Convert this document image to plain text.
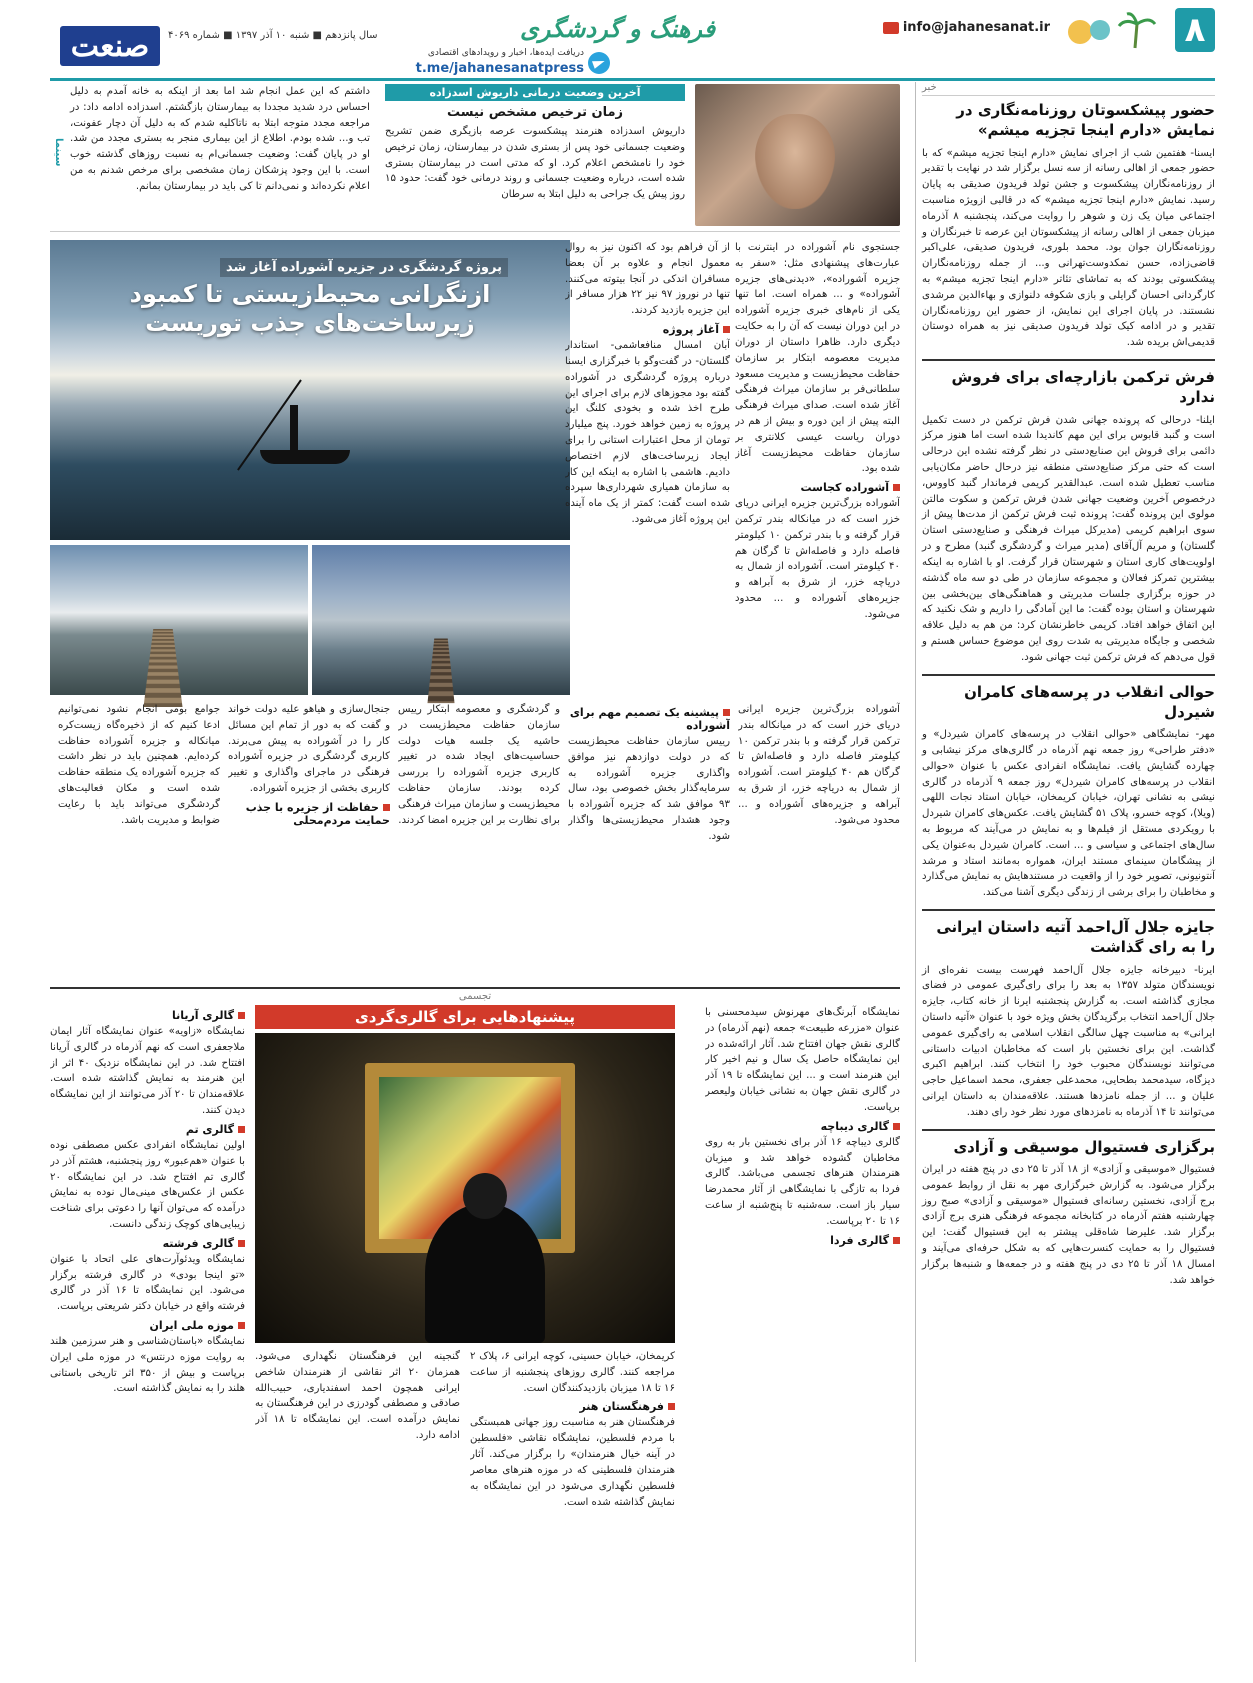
۸
info@jahanesanat.ir
فرهنگ و گردشگری
دریافت ایده‌ها، اخبار و رویدادهای اقتصادی
t.me/jahanesanatpress
سال پانزدهم ■ شنبه ۱۰ آذر ۱۳۹۷ ■ شماره ۴۰۶۹
صنعت
خبر
حضور پیشکسوتان روزنامه‌نگاری در نمایش «دارم اینجا تجزیه میشم»
ایسنا- هفتمین شب از اجرای نمایش «دارم اینجا تجزیه میشم» که با حضور جمعی از اهالی رسانه از سه نسل برگزار شد در نهایت با تقدیر از روزنامه‌نگاران پیشکسوت و جشن تولد فریدون صدیقی به پایان رسید. نمایش «دارم اینجا تجزیه میشم» که در قالبی ازویژه مناسبت اجتماعی میان یک زن و شوهر را روایت می‌کند، پنجشنبه ۸ آذرماه میزبان جمعی از اهالی رسانه از پیشکسوتان این عرصه تا خبرنگاران و روزنامه‌نگاران جوان بود. محمد بلوری، فریدون صدیقی، علی‌اکبر قاضی‌زاده، حسن نمکدوست‌تهرانی و... از جمله روزنامه‌نگاران پیشکسوتی بودند که به تماشای تئاتر «دارم اینجا تجزیه میشم» به کارگردانی احسان گرایلی و بازی شکوفه دلنوازی و بهاءالدین مرشدی نشستند. در پایان اجرای این نمایش، از حضور این روزنامه‌نگاران تقدیر و در ادامه کیک تولد فریدون صدیقی نیز به همراه دوستان قدیمی‌اش بریده شد.
فرش ترکمن بازارچه‌ای برای فروش ندارد
ایلنا- درحالی که پرونده جهانی شدن فرش ترکمن در دست تکمیل است و گنبد قابوس برای این مهم کاندیدا شده است اما هنوز مرکز دائمی برای فروش این صنایع‌دستی در نظر گرفته نشده این درحالی است که حتی مرکز صنایع‌دستی منطقه نیز درحال حاضر مکان‌یابی مناسب تعطیل شده است. عبدالقدیر کریمی فرماندار گنبد کاووس، درخصوص آخرین وضعیت جهانی شدن فرش ترکمن و سکوت مالتن مولوی این پرونده گفت: پرونده ثبت فرش ترکمن از مدت‌ها پیش از سوی ابراهیم کریمی (مدیرکل میراث فرهنگی و صنایع‌دستی استان گلستان) و مریم آل‌آقای (مدیر میراث و گردشگری گنبد) مطرح و در اولویت‌های کاری استان و شهرستان قرار گرفت. او با اشاره به اینکه بیشترین تمرکز فعالان و مجموعه سازمان در طی دو سه ماه گذشته در حوزه برگزاری جلسات مدیریتی و هماهنگی‌های بین‌بخشی بین شهرستان و استان بوده گفت: ما این آمادگی را داریم و شک نکنید که این اتفاق خواهد افتاد. کریمی خاطرنشان کرد: من هم به دلیل علاقه شخصی و جایگاه مدیریتی به شدت روی این موضوع حساس هستم و قول می‌دهم که فرش ترکمن ثبت جهانی شود.
حوالی انقلاب در پرسه‌های کامران شیردل
مهر- نمایشگاهی «حوالی انقلاب در پرسه‌های کامران شیردل» و «دفتر طراحی» روز جمعه نهم آذرماه در گالری‌های مرکز نیشابی و چهارده گشایش یافت. نمایشگاه انفرادی عکس با عنوان «حوالی انقلاب در پرسه‌های کامران شیردل» روز جمعه ۹ آذرماه در گالری نیشی به نشانی تهران، خیابان کریمخان، خیابان استاد نجات اللهی (ویلا)، کوچه خسرو، پلاک ۵۱ گشایش یافت. عکس‌های کامران شیردل با رویکردی مستقل از فیلم‌ها و به نمایش در می‌آیند که مربوط به سال‌های اجتماعی و سیاسی و ... است. کامران شیردل به‌عنوان یکی از پیشگامان سینمای مستند ایران، همواره به‌مانند استاد و مرشد آنتونیونی، تصویر خود را از واقعیت در مستندهایش به نمایش می‌گذارد و مخاطبان را برای برشی از زندگی دیگری آشنا می‌کند.
جایزه جلال آل‌احمد آتیه داستان ایرانی را به رای گذاشت
ایرنا- دبیرخانه جایزه جلال آل‌احمد فهرست بیست نفره‌ای از نویسندگان متولد ۱۳۵۷ به بعد را برای رای‌گیری عمومی در فضای مجازی گذاشته است. به گزارش پنجشنبه ایرنا از خانه کتاب، جایزه جلال آل‌احمد انتخاب برگزیدگان بخش ویژه خود با عنوان «آتیه داستان ایرانی» به مناسبت چهل سالگی انقلاب اسلامی به رای‌گیری عمومی گذاشت. این برای نخستین بار است که مخاطبان ادبیات داستانی می‌توانند نویسندگان محبوب خود را انتخاب کنند. ابراهیم اکبری دیزگاه، سیدمحمد بطحایی، محمدعلی جعفری، محمد اسماعیل حاجی علیان و ... از جمله نامزدها هستند. علاقه‌مندان به داستان ایرانی می‌توانند تا ۱۴ آذرماه به نامزدهای مورد نظر خود رای دهند.
برگزاری فستیوال موسیقی و آزادی
فستیوال «موسیقی و آزادی» از ۱۸ آذر تا ۲۵ دی در پنج هفته در ایران برگزار می‌شود. به گزارش خبرگزاری مهر به نقل از روابط عمومی برج آزادی، نخستین رسانه‌ای فستیوال «موسیقی و آزادی» صبح روز چهارشنبه هفتم آذرماه در کتابخانه مجموعه فرهنگی هنری برج آزادی برگزار شد. علیرضا شاه‌قلی پیشتر به این فستیوال گفت: این فستیوال را به حمایت کنسرت‌هایی که به شکل حرفه‌ای می‌آیند و امسال ۱۸ آذر تا ۲۵ دی در پنج هفته و در جمعه‌ها و شنبه‌ها برگزار خواهد شد.
آخرین وضعیت درمانی داریوش اسدزاده
زمان ترخیص مشخص نیست
داریوش اسدزاده هنرمند پیشکسوت عرصه بازیگری ضمن تشریح وضعیت جسمانی خود پس از بستری شدن در بیمارستان، زمان ترخیص خود را نامشخص اعلام کرد. او که مدتی است در بیمارستان بستری شده است، درباره وضعیت جسمانی و روند درمانی خود گفت: حدود ۱۵ روز پیش یک جراحی به دلیل ابتلا به سرطان
داشتم که این عمل انجام شد اما بعد از اینکه به خانه آمدم به دلیل احساس درد شدید مجددا به بیمارستان بازگشتم. اسدزاده ادامه داد: در مراجعه مجدد متوجه ابتلا به ناتاکلیه شدم که به دلیل آن دچار عفونت، تب و... شده بودم. اطلاع از این بیماری منجر به بستری مجدد من شد. او در پایان گفت: وضعیت جسمانی‌ام به نسبت روزهای گذشته خوب است. با این وجود پزشکان زمان مشخصی برای مرخص شدنم به من اعلام نکرده‌اند و نمی‌دانم تا کی باید در بیمارستان بمانم.
سینما
پروژه گردشگری در جزیره آشوراده آغاز شد
ازنگرانی محیط‌زیستی تا کمبود زیرساخت‌های جذب توریست
جستجوی نام آشوراده در اینترنت با عبارت‌های پیشنهادی مثل: «سفر به جزیره آشوراده»، «دیدنی‌های جزیره آشوراده» و ... همراه است. اما تنها یکی از نام‌های خبری جزیره آشوراده در این دوران نیست که آن را به حکایت دیگری دارد. ظاهرا داستان از دوران مدیریت معصومه ابتکار بر سازمان حفاظت محیط‌زیست و مدیریت مسعود سلطانی‌فر بر سازمان میراث فرهنگی آغاز شده است. صدای میراث فرهنگی البته پیش از این دوره و بیش از هم در دوران ریاست عیسی کلانتری بر سازمان حفاظت محیط‌زیست آغاز شده بود.
آشوراده کجاست
آشوراده بزرگ‌ترین جزیره ایرانی دریای خزر است که در میانکاله بندر ترکمن قرار گرفته و با بندر ترکمن ۱۰ کیلومتر فاصله دارد و فاصله‌اش تا گرگان هم ۴۰ کیلومتر است. آشوراده از شمال به دریاچه خزر، از شرق به آبراهه و جزیره‌های آشوراده و ... محدود می‌شود.
از آن فراهم بود که اکنون نیز به روال معمول انجام و علاوه بر آن بعضا مسافران اندکی در آنجا بیتوته می‌کنند. تنها در نوروز ۹۷ نیز ۲۲ هزار مسافر از این جزیره بازدید کردند.
آغاز پروژه
آبان امسال منافعاشمی- استاندار گلستان- در گفت‌وگو با خبرگزاری ایسنا درباره پروژه گردشگری در آشوراده گفته بود مجوزهای لازم برای اجرای این طرح اخذ شده و بخودی کلنگ این پروژه به زمین خواهد خورد. پنج میلیارد تومان از محل اعتبارات استانی را برای ایجاد زیرساخت‌های لازم اختصاص دادیم. هاشمی با اشاره به اینکه این کار به سازمان همیاری شهرداری‌ها سپرده شده است گفت: کمتر از یک ماه آینده این پروژه آغاز می‌شود.
آشوراده بزرگ‌ترین جزیره ایرانی دریای خزر است که در میانکاله بندر ترکمن قرار گرفته و با بندر ترکمن ۱۰ کیلومتر فاصله دارد و فاصله‌اش تا گرگان هم ۴۰ کیلومتر است. آشوراده از شمال به دریاچه خزر، از شرق به آبراهه و جزیره‌های آشوراده و ... محدود می‌شود.
پیشینه یک تصمیم مهم برای آشوراده
رییس سازمان حفاظت محیط‌زیست که در دولت دوازدهم نیز موافق واگذاری جزیره آشوراده به سرمایه‌گذار بخش خصوصی بود، سال ۹۳ موافق شد که جزیره آشوراده با وجود هشدار محیط‌زیستی‌ها واگذار شود.
و گردشگری و معصومه ابتکار رییس سازمان حفاظت محیط‌زیست در حاشیه یک جلسه هیات دولت حساسیت‌های ایجاد شده در تغییر کاربری جزیره آشوراده را بررسی کرده بودند. سازمان حفاظت محیط‌زیست و سازمان میراث فرهنگی برای نظارت بر این جزیره امضا کردند.
جنجال‌سازی و هیاهو علیه دولت خواند و گفت که به دور از تمام این مسائل کار را در آشوراده به پیش می‌برند. کاربری گردشگری در جزیره آشوراده فرهنگی در ماجرای واگذاری و تغییر کاربری بخشی از جزیره آشوراده.
حفاظت از جزیره با جذب حمایت مردم‌محلی
جوامع بومی انجام نشود نمی‌توانیم ادعا کنیم که از ذخیره‌گاه زیست‌کره میانکاله و جزیره آشوراده حفاظت کرده‌ایم. همچنین باید در نظر داشت که جزیره آشوراده یک منطقه حفاظت شده است و مکان فعالیت‌های گردشگری می‌تواند باید با رعایت ضوابط و مدیریت باشد.
تجسمی
پیشنهادهایی برای گالری‌گردی	نمایشگاه آبرنگ‌های مهرنوش سید‌محسنی با عنوان «مزرعه طبیعت» جمعه (نهم آذرماه) در گالری نقش جهان افتتاح شد. آثار ارائه‌شده در این نمایشگاه حاصل یک سال و نیم اخیر کار این هنرمند است و ... این نمایشگاه تا ۱۹ آذر در گالری نقش جهان به نشانی خیابان ولیعصر برپاست.
گالری دیباچه
گالری دیباچه ۱۶ آذر برای نخستین بار به روی مخاطبان گشوده خواهد شد و میزبان هنرمندان هنرهای تجسمی می‌باشد. گالری فردا به تازگی با نمایشگاهی از آثار محمدرضا سیار باز است. سه‌شنبه تا پنج‌شنبه از ساعت ۱۶ تا ۲۰ برپاست.
گالری فردا
گالری آریانا
نمایشگاه «زاویه» عنوان نمایشگاه آثار ایمان ملاجعفری است که نهم آذرماه در گالری آریانا افتتاح شد. در این نمایشگاه نزدیک ۴۰ اثر از این هنرمند به نمایش گذاشته شده است. علاقه‌مندان تا ۲۰ آذر می‌توانند از این نمایشگاه دیدن کنند.
گالری تم
اولین نمایشگاه انفرادی عکس مصطفی نوده با عنوان «هم‌عبور» روز پنجشنبه، هشتم آذر در گالری تم افتتاح شد. در این نمایشگاه ۲۰ عکس از عکس‌های مینی‌مال نوده به نمایش درآمده که می‌توان آنها را دعوتی برای شناخت زیبایی‌های کوچک زندگی دانست.
گالری فرشته
نمایشگاه ویدئوآرت‌های علی اتحاد با عنوان «تو اینجا بودی» در گالری فرشته برگزار می‌شود. این نمایشگاه تا ۱۶ آذر در گالری فرشته واقع در خیابان دکتر شریعتی برپاست.
موزه ملی ایران
نمایشگاه «باستان‌شناسی و هنر سرزمین هلند به روایت موزه درنتس» در موزه ملی ایران برپاست و بیش از ۳۵۰ اثر تاریخی باستانی هلند را به نمایش گذاشته است.
کریمخان، خیابان حسینی، کوچه ایرانی ۶، پلاک ۲ مراجعه کنند. گالری روزهای پنجشنبه از ساعت ۱۶ تا ۱۸ میزبان بازدیدکنندگان است.
فرهنگستان هنر
فرهنگستان هنر به مناسبت روز جهانی همبستگی با مردم فلسطین، نمایشگاه نقاشی «فلسطین در آینه خیال هنرمندان» را برگزار می‌کند. آثار هنرمندان فلسطینی که در موزه هنرهای معاصر فلسطین نگهداری می‌شود در این نمایشگاه به نمایش گذاشته شده است.
گنجینه این فرهنگستان نگهداری می‌شود. همزمان ۲۰ اثر نقاشی از هنرمندان شاخص ایرانی همچون احمد اسفندیاری، حبیب‌الله صادقی و مصطفی گودرزی در این فرهنگستان به نمایش درآمده است. این نمایشگاه تا ۱۸ آذر ادامه دارد.
